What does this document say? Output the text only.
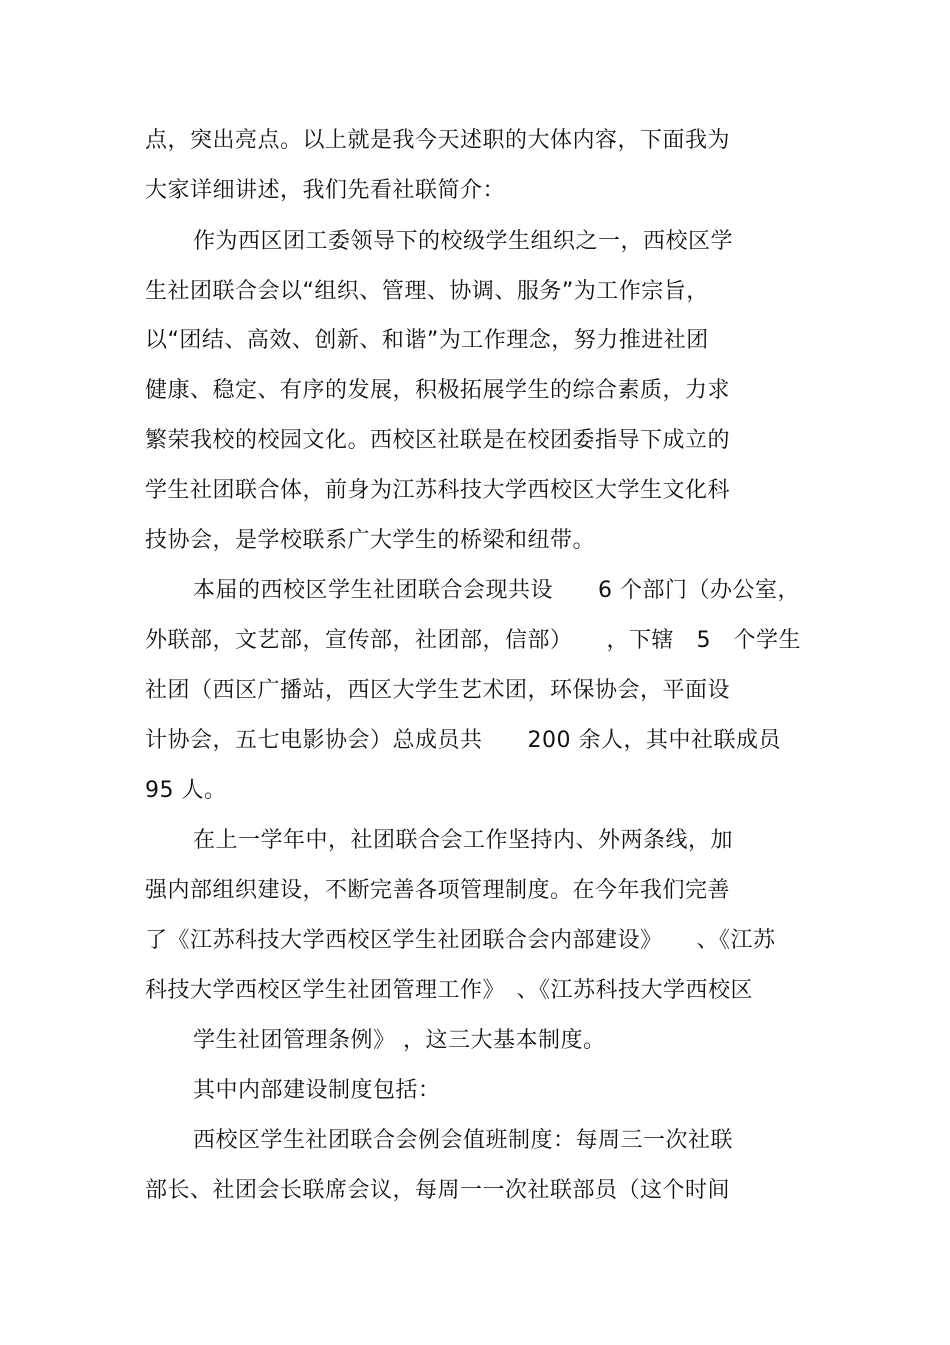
点，突出亮点。以上就是我今天述职的大体内容，下面我为
大家详细讲述，我们先看社联简介：
作为西区团工委领导下的校级学生组织之一，西校区学
生社团联合会以“组织、管理、协调、服务”为工作宗旨，
以“团结、高效、创新、和谐”为工作理念，努力推进社团
健康、稳定、有序的发展，积极拓展学生的综合素质，力求
繁荣我校的校园文化。西校区社联是在校团委指导下成立的
学生社团联合体，前身为江苏科技大学西校区大学生文化科
技协会，是学校联系广大学生的桥梁和纽带。
本届的西校区学生社团联合会现共设　　6 个部门（办公室，
外联部，文艺部，宣传部，社团部，信部）　　，下辖　5　个学生
社团（西区广播站，西区大学生艺术团，环保协会，平面设
计协会，五七电影协会）总成员共　　200 余人，其中社联成员
95 人。
在上一学年中，社团联合会工作坚持内、外两条线，加
强内部组织建设，不断完善各项管理制度。在今年我们完善
了《江苏科技大学西校区学生社团联合会内部建设》　　、《江苏
科技大学西校区学生社团管理工作》　、《江苏科技大学西校区
学生社团管理条例》 ，这三大基本制度。
其中内部建设制度包括：
西校区学生社团联合会例会值班制度：每周三一次社联
部长、社团会长联席会议，每周一一次社联部员（这个时间
